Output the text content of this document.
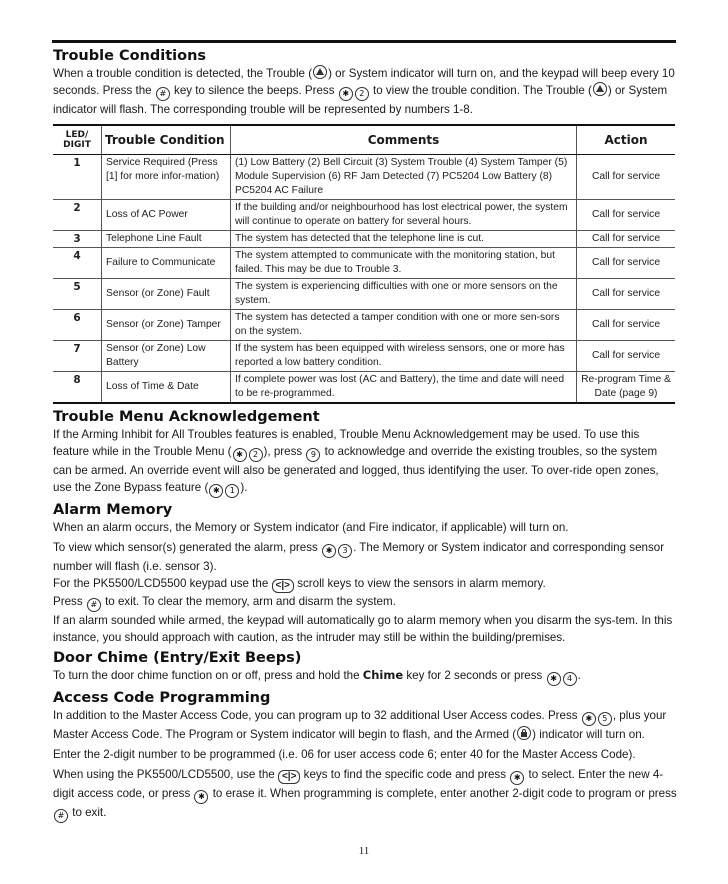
Trouble Conditions

When a trouble condition is detected, the Trouble ( ) or System indicator will turn on, and the keypad will beep every 10 seconds. Press the # key to silence the beeps. Press ✱ 2 to view the trouble condition. The Trouble ( ) or System indicator will flash. The corresponding trouble will be represented by numbers 1-8.

LED/ DIGIT	Trouble Condition	Comments	Action
1	Service Required (Press [1] for more infor-mation)	(1) Low Battery (2) Bell Circuit (3) System Trouble (4) System Tamper (5) Module Supervision (6) RF Jam Detected (7) PC5204 Low Battery (8) PC5204 AC Failure	Call for service
2	Loss of AC Power	If the building and/or neighbourhood has lost electrical power, the system will continue to operate on battery for several hours.	Call for service
3	Telephone Line Fault	The system has detected that the telephone line is cut.	Call for service
4	Failure to Communicate	The system attempted to communicate with the monitoring station, but failed. This may be due to Trouble 3.	Call for service
5	Sensor (or Zone) Fault	The system is experiencing difficulties with one or more sensors on the system.	Call for service
6	Sensor (or Zone) Tamper	The system has detected a tamper condition with one or more sen-sors on the system.	Call for service
7	Sensor (or Zone) Low Battery	If the system has been equipped with wireless sensors, one or more has reported a low battery condition.	Call for service
8	Loss of Time & Date	If complete power was lost (AC and Battery), the time and date will need to be re-programmed.	Re-program Time & Date (page 9)
Trouble Menu Acknowledgement

If the Arming Inhibit for All Troubles features is enabled, Trouble Menu Acknowledgement may be used. To use this feature while in the Trouble Menu ( ✱ 2 ), press 9 to acknowledge and override the existing troubles, so the system can be armed. An override event will also be generated and logged, thus identifying the user. To over-ride open zones, use the Zone Bypass feature ( ✱ 1 ).

Alarm Memory

When an alarm occurs, the Memory or System indicator (and Fire indicator, if applicable) will turn on.

To view which sensor(s) generated the alarm, press ✱ 3 . The Memory or System indicator and corresponding sensor number will flash (i.e. sensor 3).

For the PK5500/LCD5500 keypad use the <|> scroll keys to view the sensors in alarm memory.

Press # to exit. To clear the memory, arm and disarm the system.

If an alarm sounded while armed, the keypad will automatically go to alarm memory when you disarm the sys-tem. In this instance, you should approach with caution, as the intruder may still be within the building/premises.

Door Chime (Entry/Exit Beeps)

To turn the door chime function on or off, press and hold the Chime key for 2 seconds or press ✱ 4 .

Access Code Programming

In addition to the Master Access Code, you can program up to 32 additional User Access codes. Press ✱ 5 , plus your Master Access Code. The Program or System indicator will begin to flash, and the Armed ( ) indicator will turn on.

Enter the 2-digit number to be programmed (i.e. 06 for user access code 6; enter 40 for the Master Access Code).

When using the PK5500/LCD5500, use the <|> keys to find the specific code and press ✱ to select. Enter the new 4-digit access code, or press ✱ to erase it. When programming is complete, enter another 2-digit code to program or press # to exit.

11
